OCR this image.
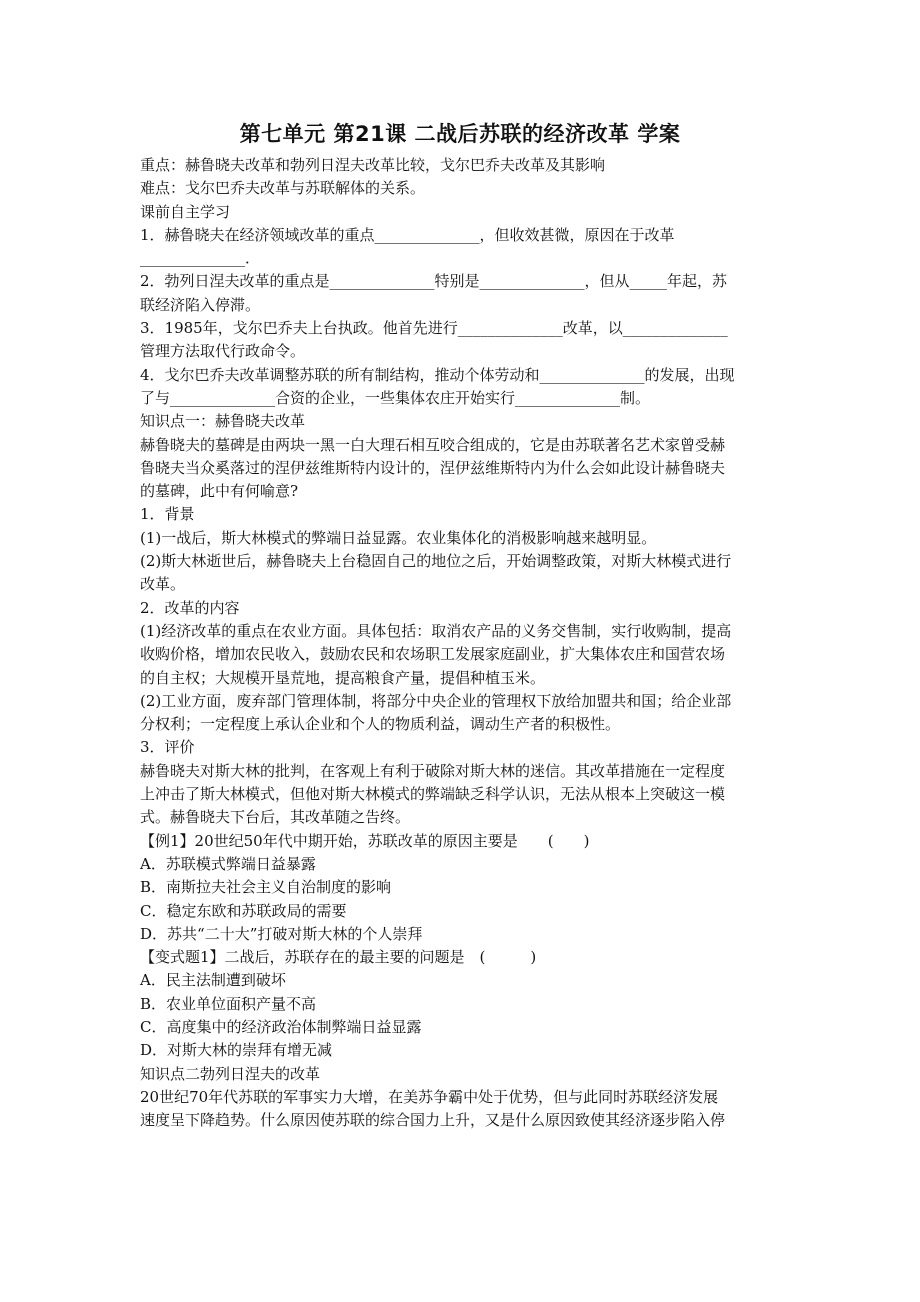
第七单元 第21课 二战后苏联的经济改革 学案

重点：赫鲁晓夫改革和勃列日涅夫改革比较，戈尔巴乔夫改革及其影响

难点：戈尔巴乔夫改革与苏联解体的关系。

课前自主学习

1．赫鲁晓夫在经济领域改革的重点______________，但收效甚微，原因在于改革

______________．

2．勃列日涅夫改革的重点是______________特别是______________，但从_____年起，苏

联经济陷入停滞。

3．1985年，戈尔巴乔夫上台执政。他首先进行______________改革，以______________

管理方法取代行政命令。

4．戈尔巴乔夫改革调整苏联的所有制结构，推动个体劳动和______________的发展，出现

了与______________合资的企业，一些集体农庄开始实行______________制。

知识点一：赫鲁晓夫改革

赫鲁晓夫的墓碑是由两块一黑一白大理石相互咬合组成的，它是由苏联著名艺术家曾受赫

鲁晓夫当众奚落过的涅伊兹维斯特内设计的，涅伊兹维斯特内为什么会如此设计赫鲁晓夫

的墓碑，此中有何喻意?

1．背景

(1)一战后，斯大林模式的弊端日益显露。农业集体化的消极影响越来越明显。

(2)斯大林逝世后，赫鲁晓夫上台稳固自己的地位之后，开始调整政策，对斯大林模式进行

改革。

2．改革的内容

(1)经济改革的重点在农业方面。具体包括：取消农产品的义务交售制，实行收购制，提高

收购价格，增加农民收入，鼓励农民和农场职工发展家庭副业，扩大集体农庄和国营农场

的自主权；大规模开垦荒地，提高粮食产量，提倡种植玉米。

(2)工业方面，废弃部门管理体制，将部分中央企业的管理权下放给加盟共和国；给企业部

分权利；一定程度上承认企业和个人的物质利益，调动生产者的积极性。

3．评价

赫鲁晓夫对斯大林的批判，在客观上有利于破除对斯大林的迷信。其改革措施在一定程度

上冲击了斯大林模式，但他对斯大林模式的弊端缺乏科学认识，无法从根本上突破这一模

式。赫鲁晓夫下台后，其改革随之告终。

【例1】20世纪50年代中期开始，苏联改革的原因主要是　　(　　)

A．苏联模式弊端日益暴露

B．南斯拉夫社会主义自治制度的影响

C．稳定东欧和苏联政局的需要

D．苏共“二十大”打破对斯大林的个人崇拜

【变式题1】二战后，苏联存在的最主要的问题是　(　　　)

A．民主法制遭到破坏

B．农业单位面积产量不高

C．高度集中的经济政治体制弊端日益显露

D．对斯大林的崇拜有增无减

知识点二勃列日涅夫的改革

20世纪70年代苏联的军事实力大增，在美苏争霸中处于优势，但与此同时苏联经济发展

速度呈下降趋势。什么原因使苏联的综合国力上升，又是什么原因致使其经济逐步陷入停
